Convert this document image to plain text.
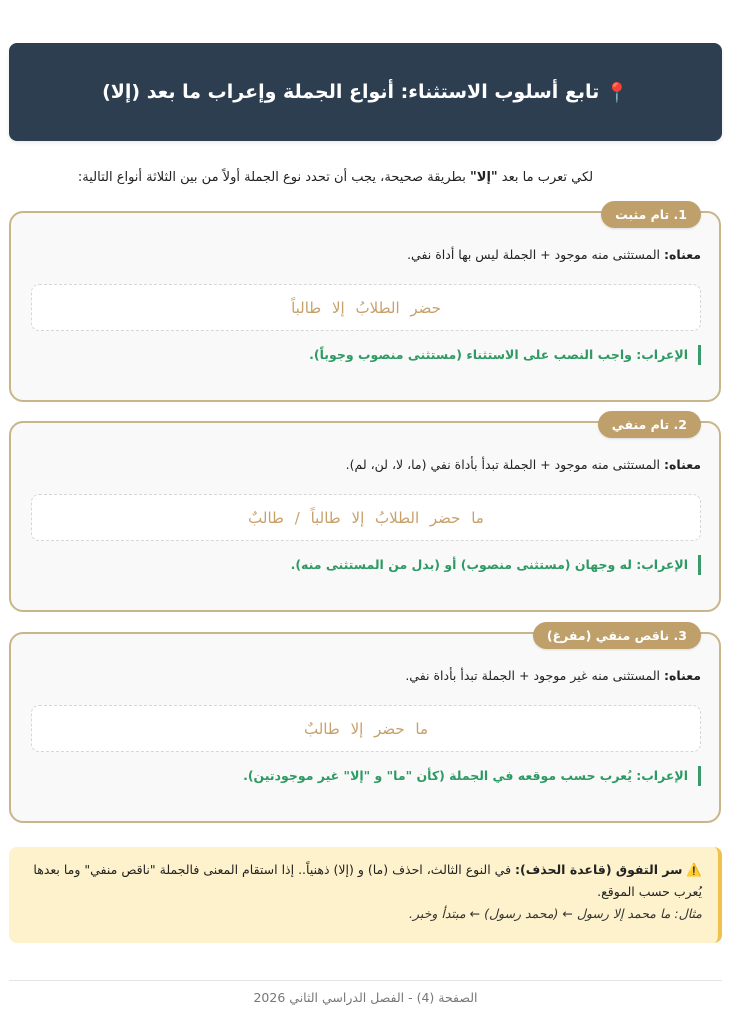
📍
تابع أسلوب الاستثناء: أنواع الجملة وإعراب ما بعد (إلا)
لكي تعرب ما بعد "إلا" بطريقة صحيحة، يجب أن تحدد نوع الجملة أولاً من بين الثلاثة أنواع التالية:
1. تام مثبت
معناه: المستثنى منه موجود + الجملة ليس بها أداة نفي.
حضر الطلابُ إلا طالباً
الإعراب: واجب النصب على الاستثناء (مستثنى منصوب وجوباً).
2. تام منفي
معناه: المستثنى منه موجود + الجملة تبدأ بأداة نفي (ما، لا، لن، لم).
ما حضر الطلابُ إلا طالباً / طالبٌ
الإعراب: له وجهان (مستثنى منصوب) أو (بدل من المستثنى منه).
3. ناقص منفي (مفرغ)
معناه: المستثنى منه غير موجود + الجملة تبدأ بأداة نفي.
ما حضر إلا طالبٌ
الإعراب: يُعرب حسب موقعه في الجملة (كأن "ما" و "إلا" غير موجودتين).
⚠️سر التفوق (قاعدة الحذف): في النوع الثالث، احذف (ما) و (إلا) ذهنياً.. إذا استقام المعنى فالجملة "ناقص منفي" وما بعدها يُعرب حسب الموقع.
مثال: ما محمد إلا رسول ← (محمد رسول) ← مبتدأ وخبر.
الصفحة (4) - الفصل الدراسي الثاني 2026
